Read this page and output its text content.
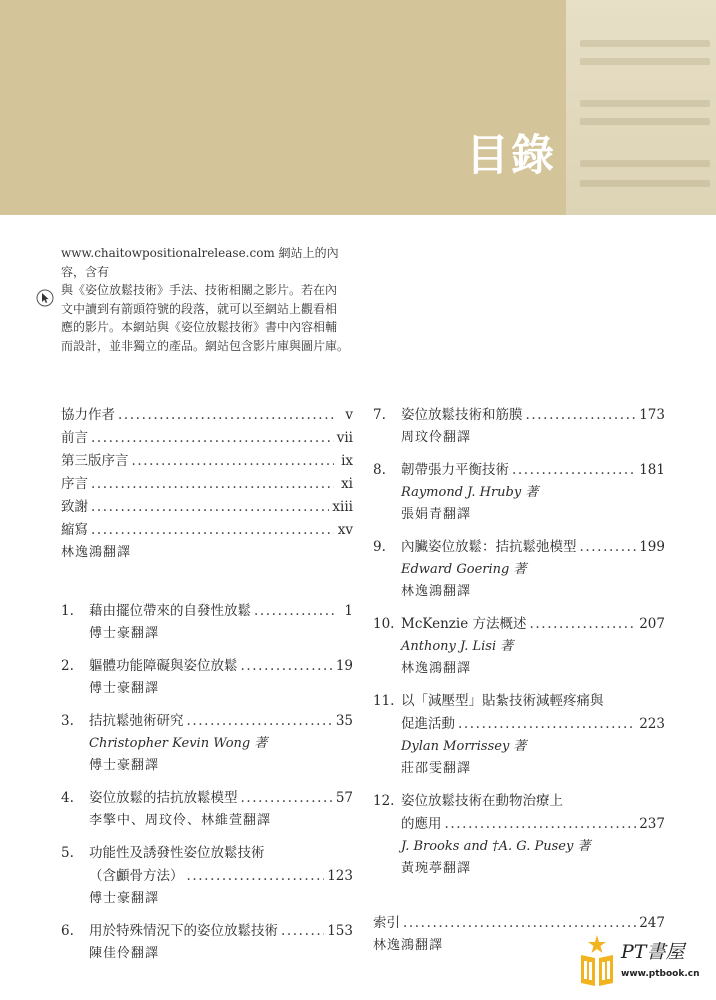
目錄

www.chaitowpositionalrelease.com 網站上的內容，含有

與《姿位放鬆技術》手法、技術相關之影片。若在內

文中讀到有箭頭符號的段落，就可以至網站上觀看相

應的影片。本網站與《姿位放鬆技術》書中內容相輔

而設計，並非獨立的產品。網站包含影片庫與圖片庫。

協力作者 .....	v
前言 .....	vii
第三版序言 .....	ix
序言 .....	xi
致謝 .....	xiii
縮寫 .....	xv
林逸鴻翻譯
1.	藉由擺位帶來的自發性放鬆 .....	1
傅士豪翻譯
2.	軀體功能障礙與姿位放鬆 .....	19
傅士豪翻譯
3.	拮抗鬆弛術研究 .....	35
Christopher Kevin Wong 著
傅士豪翻譯
4.	姿位放鬆的拮抗放鬆模型 .....	57
李擎中、周玟伶、林維萱翻譯
5.	功能性及誘發性姿位放鬆技術
（含顱骨方法） .....	123
傅士豪翻譯
6.	用於特殊情況下的姿位放鬆技術 .....	153
陳佳伶翻譯
7.	姿位放鬆技術和筋膜 .....	173
周玟伶翻譯
8.	韌帶張力平衡技術 .....	181
Raymond J. Hruby 著
張娟青翻譯
9.	內臟姿位放鬆：拮抗鬆弛模型 .....	199
Edward Goering 著
林逸鴻翻譯
10. McKenzie 方法概述 .....	207
Anthony J. Lisi 著
林逸鴻翻譯
11. 以「減壓型」貼紮技術減輕疼痛與
促進活動 .....	223
Dylan Morrissey 著
莊邵雯翻譯
12. 姿位放鬆技術在動物治療上
的應用 .....	237
J. Brooks and †A. G. Pusey 著
黃琬葶翻譯
索引 .....	247
林逸鴻翻譯	PT書屋
www.ptbook.cn
